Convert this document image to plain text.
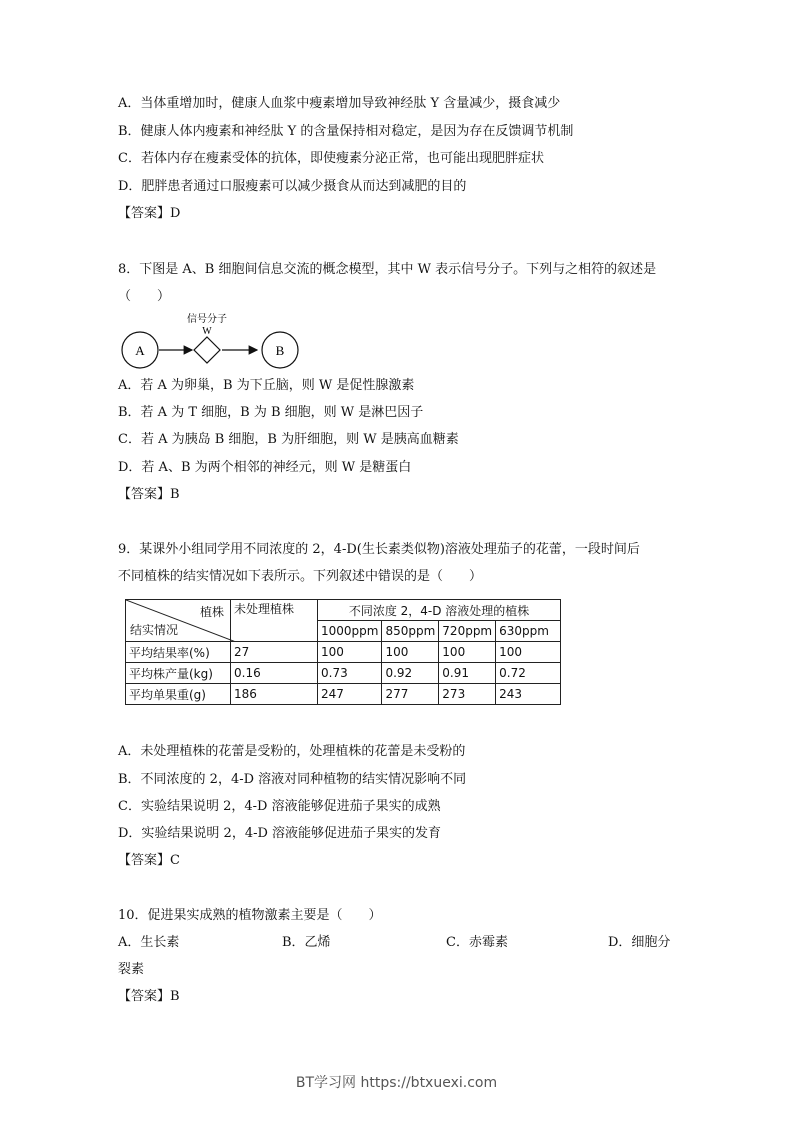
A．当体重增加时，健康人血浆中瘦素增加导致神经肽 Y 含量减少，摄食减少
B．健康人体内瘦素和神经肽 Y 的含量保持相对稳定，是因为存在反馈调节机制
C．若体内存在瘦素受体的抗体，即使瘦素分泌正常，也可能出现肥胖症状
D．肥胖患者通过口服瘦素可以减少摄食从而达到减肥的目的
【答案】D
8．下图是 A、B 细胞间信息交流的概念模型，其中 W 表示信号分子。下列与之相符的叙述是
（　　）
A
信号分子
W
B
A．若 A 为卵巢，B 为下丘脑，则 W 是促性腺激素
B．若 A 为 T 细胞，B 为 B 细胞，则 W 是淋巴因子
C．若 A 为胰岛 B 细胞，B 为肝细胞，则 W 是胰高血糖素
D．若 A、B 为两个相邻的神经元，则 W 是糖蛋白
【答案】B
9．某课外小组同学用不同浓度的 2，4-D(生长素类似物)溶液处理茄子的花蕾，一段时间后
不同植株的结实情况如下表所示。下列叙述中错误的是（　　）
植株
结实情况	未处理植株	不同浓度 2，4-D 溶液处理的植株			
		1000ppm	850ppm	720ppm	630ppm
平均结果率(%)	27	100	100	100	100
平均株产量(kg)	0.16	0.73	0.92	0.91	0.72
平均单果重(g)	186	247	277	273	243
A．未处理植株的花蕾是受粉的，处理植株的花蕾是未受粉的
B．不同浓度的 2，4-D 溶液对同种植物的结实情况影响不同
C．实验结果说明 2，4-D 溶液能够促进茄子果实的成熟
D．实验结果说明 2，4-D 溶液能够促进茄子果实的发育
【答案】C
10．促进果实成熟的植物激素主要是（　　）
A．生长素	B．乙烯	C．赤霉素	D．细胞分
裂素
【答案】B
BT学习网 https://btxuexi.com
